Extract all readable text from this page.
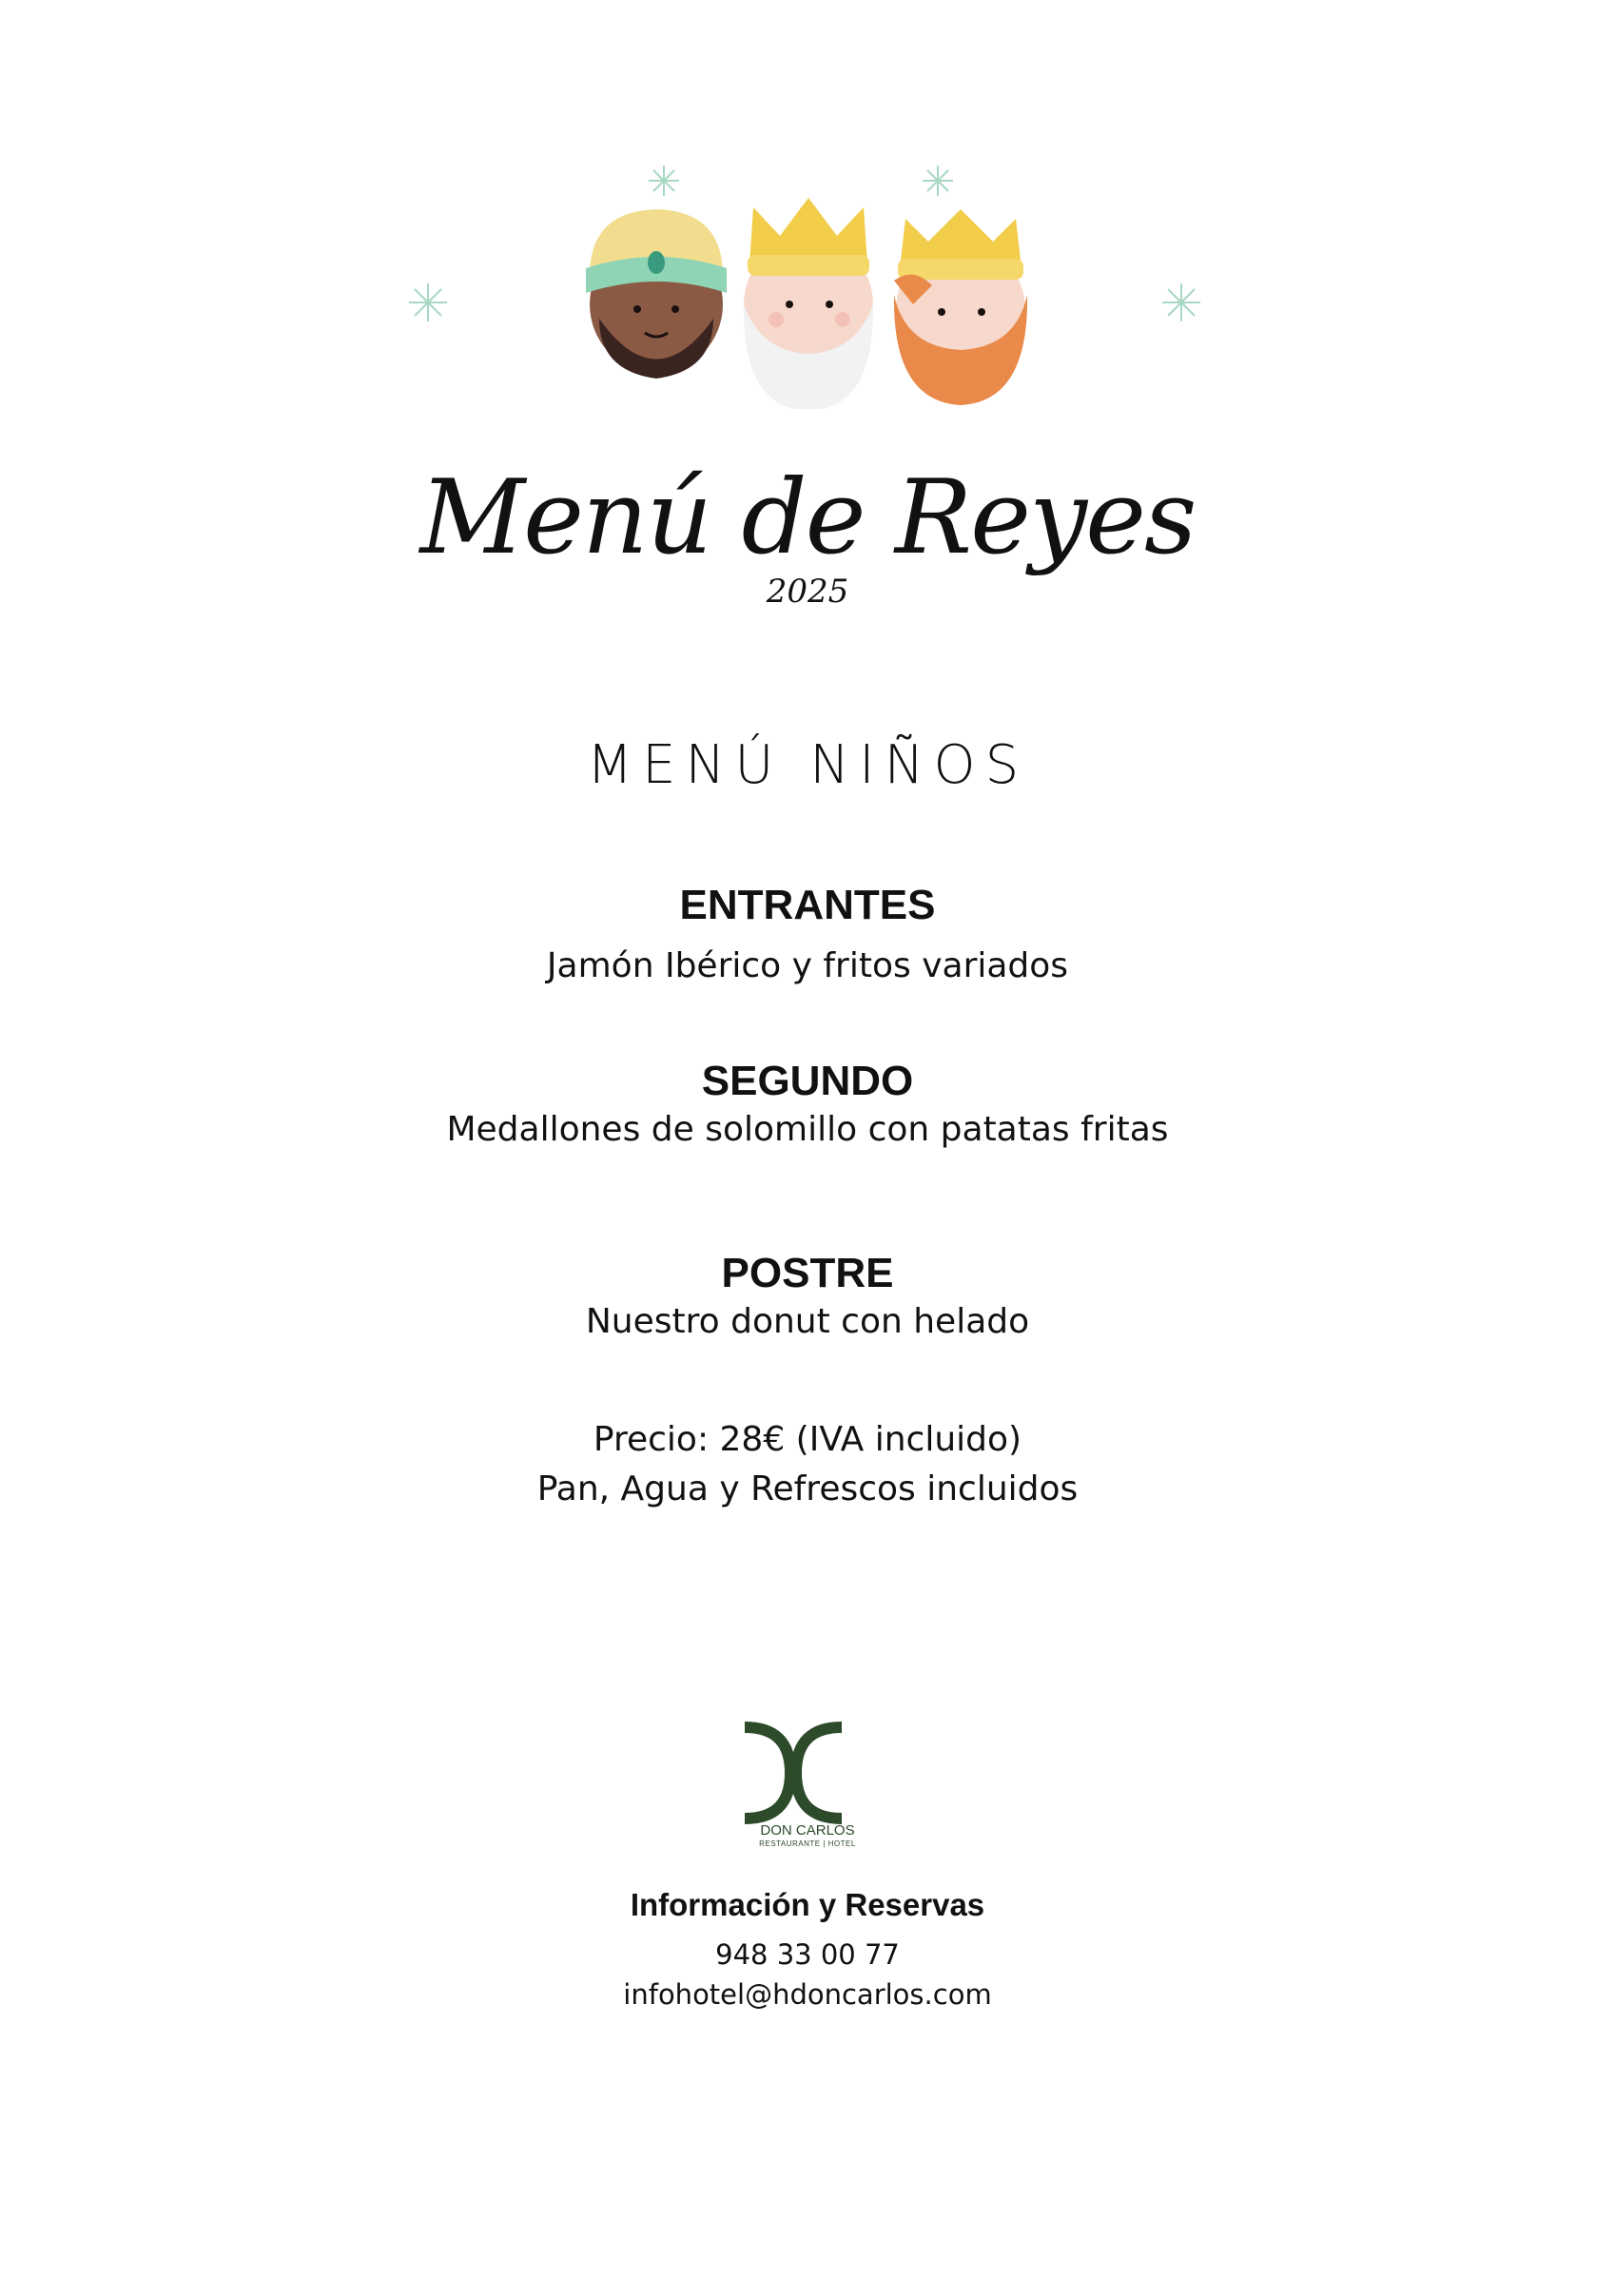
Menú de Reyes
2025
MENÚ NIÑOS
ENTRANTES
Jamón Ibérico y fritos variados
SEGUNDO
Medallones de solomillo con patatas fritas
POSTRE
Nuestro donut con helado
Precio: 28€ (IVA incluido)
Pan, Agua y Refrescos incluidos
DON CARLOS
RESTAURANTE | HOTEL
Información y Reservas
948 33 00 77
infohotel@hdoncarlos.com
